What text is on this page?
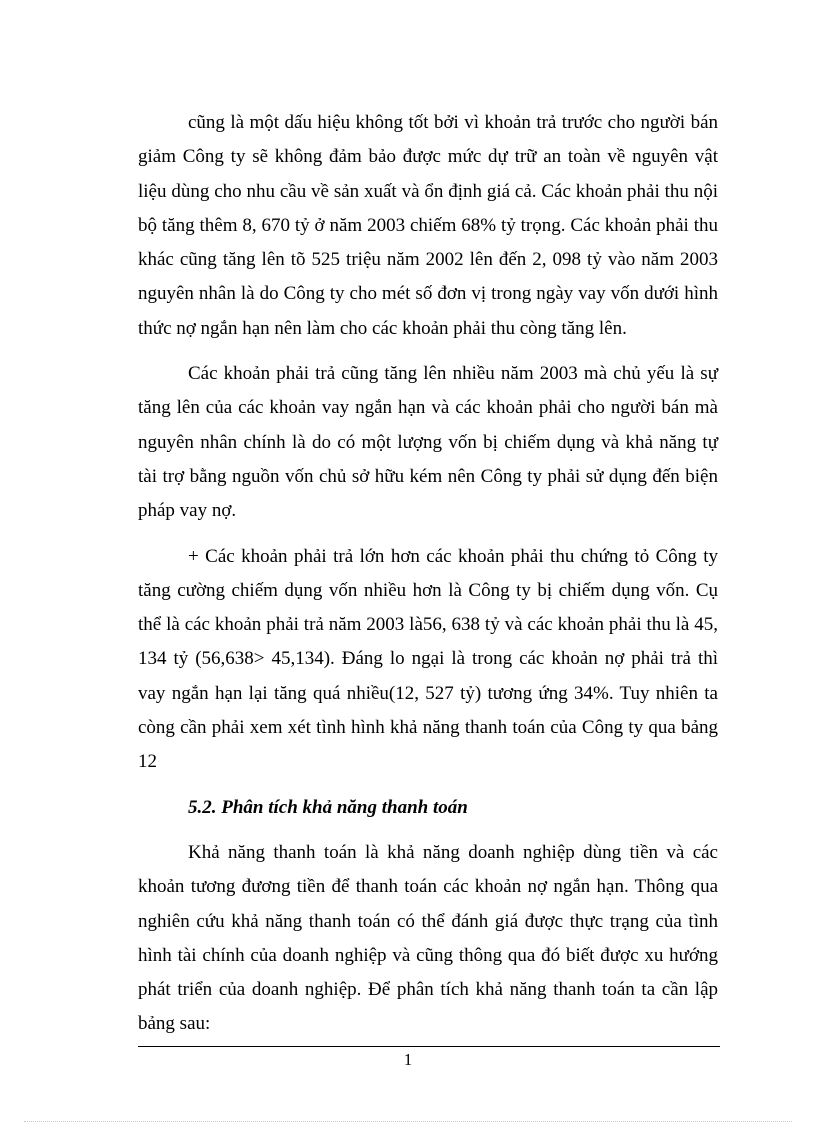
cũng là một dấu hiệu không tốt bởi vì khoản trả trước cho người bán giảm Công ty sẽ không đảm bảo được mức dự trữ an toàn về nguyên vật liệu dùng cho nhu cầu về sản xuất và ổn định giá cả. Các khoản phải thu nội bộ tăng thêm 8, 670 tỷ ở năm 2003 chiếm 68% tỷ trọng. Các khoản phải thu khác cũng tăng lên tõ 525 triệu năm 2002 lên đến 2, 098 tỷ vào năm 2003 nguyên nhân là do Công ty cho mét số đơn vị trong ngày vay vốn dưới hình thức nợ ngắn hạn nên làm cho các khoản phải thu còng tăng lên.

Các khoản phải trả cũng tăng lên nhiều năm 2003 mà chủ yếu là sự tăng lên của các khoản vay ngắn hạn và các khoản phải cho người bán mà nguyên nhân chính là do có một lượng vốn bị chiếm dụng và khả năng tự tài trợ bằng nguồn vốn chủ sở hữu kém nên Công ty phải sử dụng đến biện pháp vay nợ.

+ Các khoản phải trả lớn hơn các khoản phải thu chứng tỏ Công ty tăng cường chiếm dụng vốn nhiều hơn là Công ty bị chiếm dụng vốn. Cụ thể là các khoản phải trả năm 2003 là56, 638 tỷ và các khoản phải thu là 45, 134 tỷ (56,638> 45,134). Đáng lo ngại là trong các khoản nợ phải trả thì vay ngắn hạn lại tăng quá nhiều(12, 527 tỷ) tương ứng 34%. Tuy nhiên ta còng cần phải xem xét tình hình khả năng thanh toán của Công ty qua bảng 12

5.2. Phân tích khả năng thanh toán

Khả năng thanh toán là khả năng doanh nghiệp dùng tiền và các khoản tương đương tiền để thanh toán các khoản nợ ngắn hạn. Thông qua nghiên cứu khả năng thanh toán có thể đánh giá được thực trạng của tình hình tài chính của doanh nghiệp và cũng thông qua đó biết được xu hướng phát triển của doanh nghiệp. Để phân tích khả năng thanh toán ta cần lập bảng sau:

1
